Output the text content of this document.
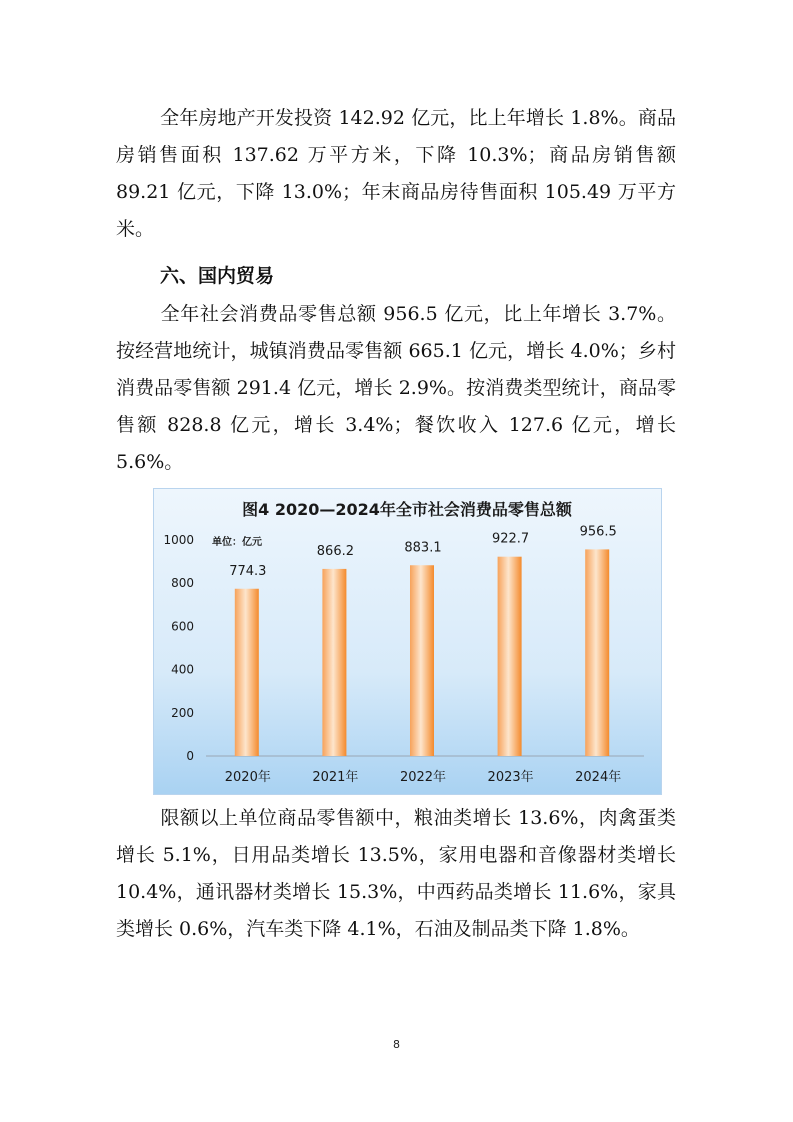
全年房地产开发投资 142.92 亿元，比上年增长 1.8%。商品房销售面积 137.62 万平方米，下降 10.3%；商品房销售额 89.21 亿元，下降 13.0%；年末商品房待售面积 105.49 万平方米。

六、国内贸易

全年社会消费品零售总额 956.5 亿元，比上年增长 3.7%。按经营地统计，城镇消费品零售额 665.1 亿元，增长 4.0%；乡村消费品零售额 291.4 亿元，增长 2.9%。按消费类型统计，商品零售额 828.8 亿元，增长 3.4%；餐饮收入 127.6 亿元，增长 5.6%。

图4 2020—2024年全市社会消费品零售总额
单位：亿元
0
200
400
600
800
1000
774.3
2020年
866.2
2021年
883.1
2022年
922.7
2023年
956.5
2024年

限额以上单位商品零售额中，粮油类增长 13.6%，肉禽蛋类增长 5.1%，日用品类增长 13.5%，家用电器和音像器材类增长 10.4%，通讯器材类增长 15.3%，中西药品类增长 11.6%，家具类增长 0.6%，汽车类下降 4.1%，石油及制品类下降 1.8%。

8
